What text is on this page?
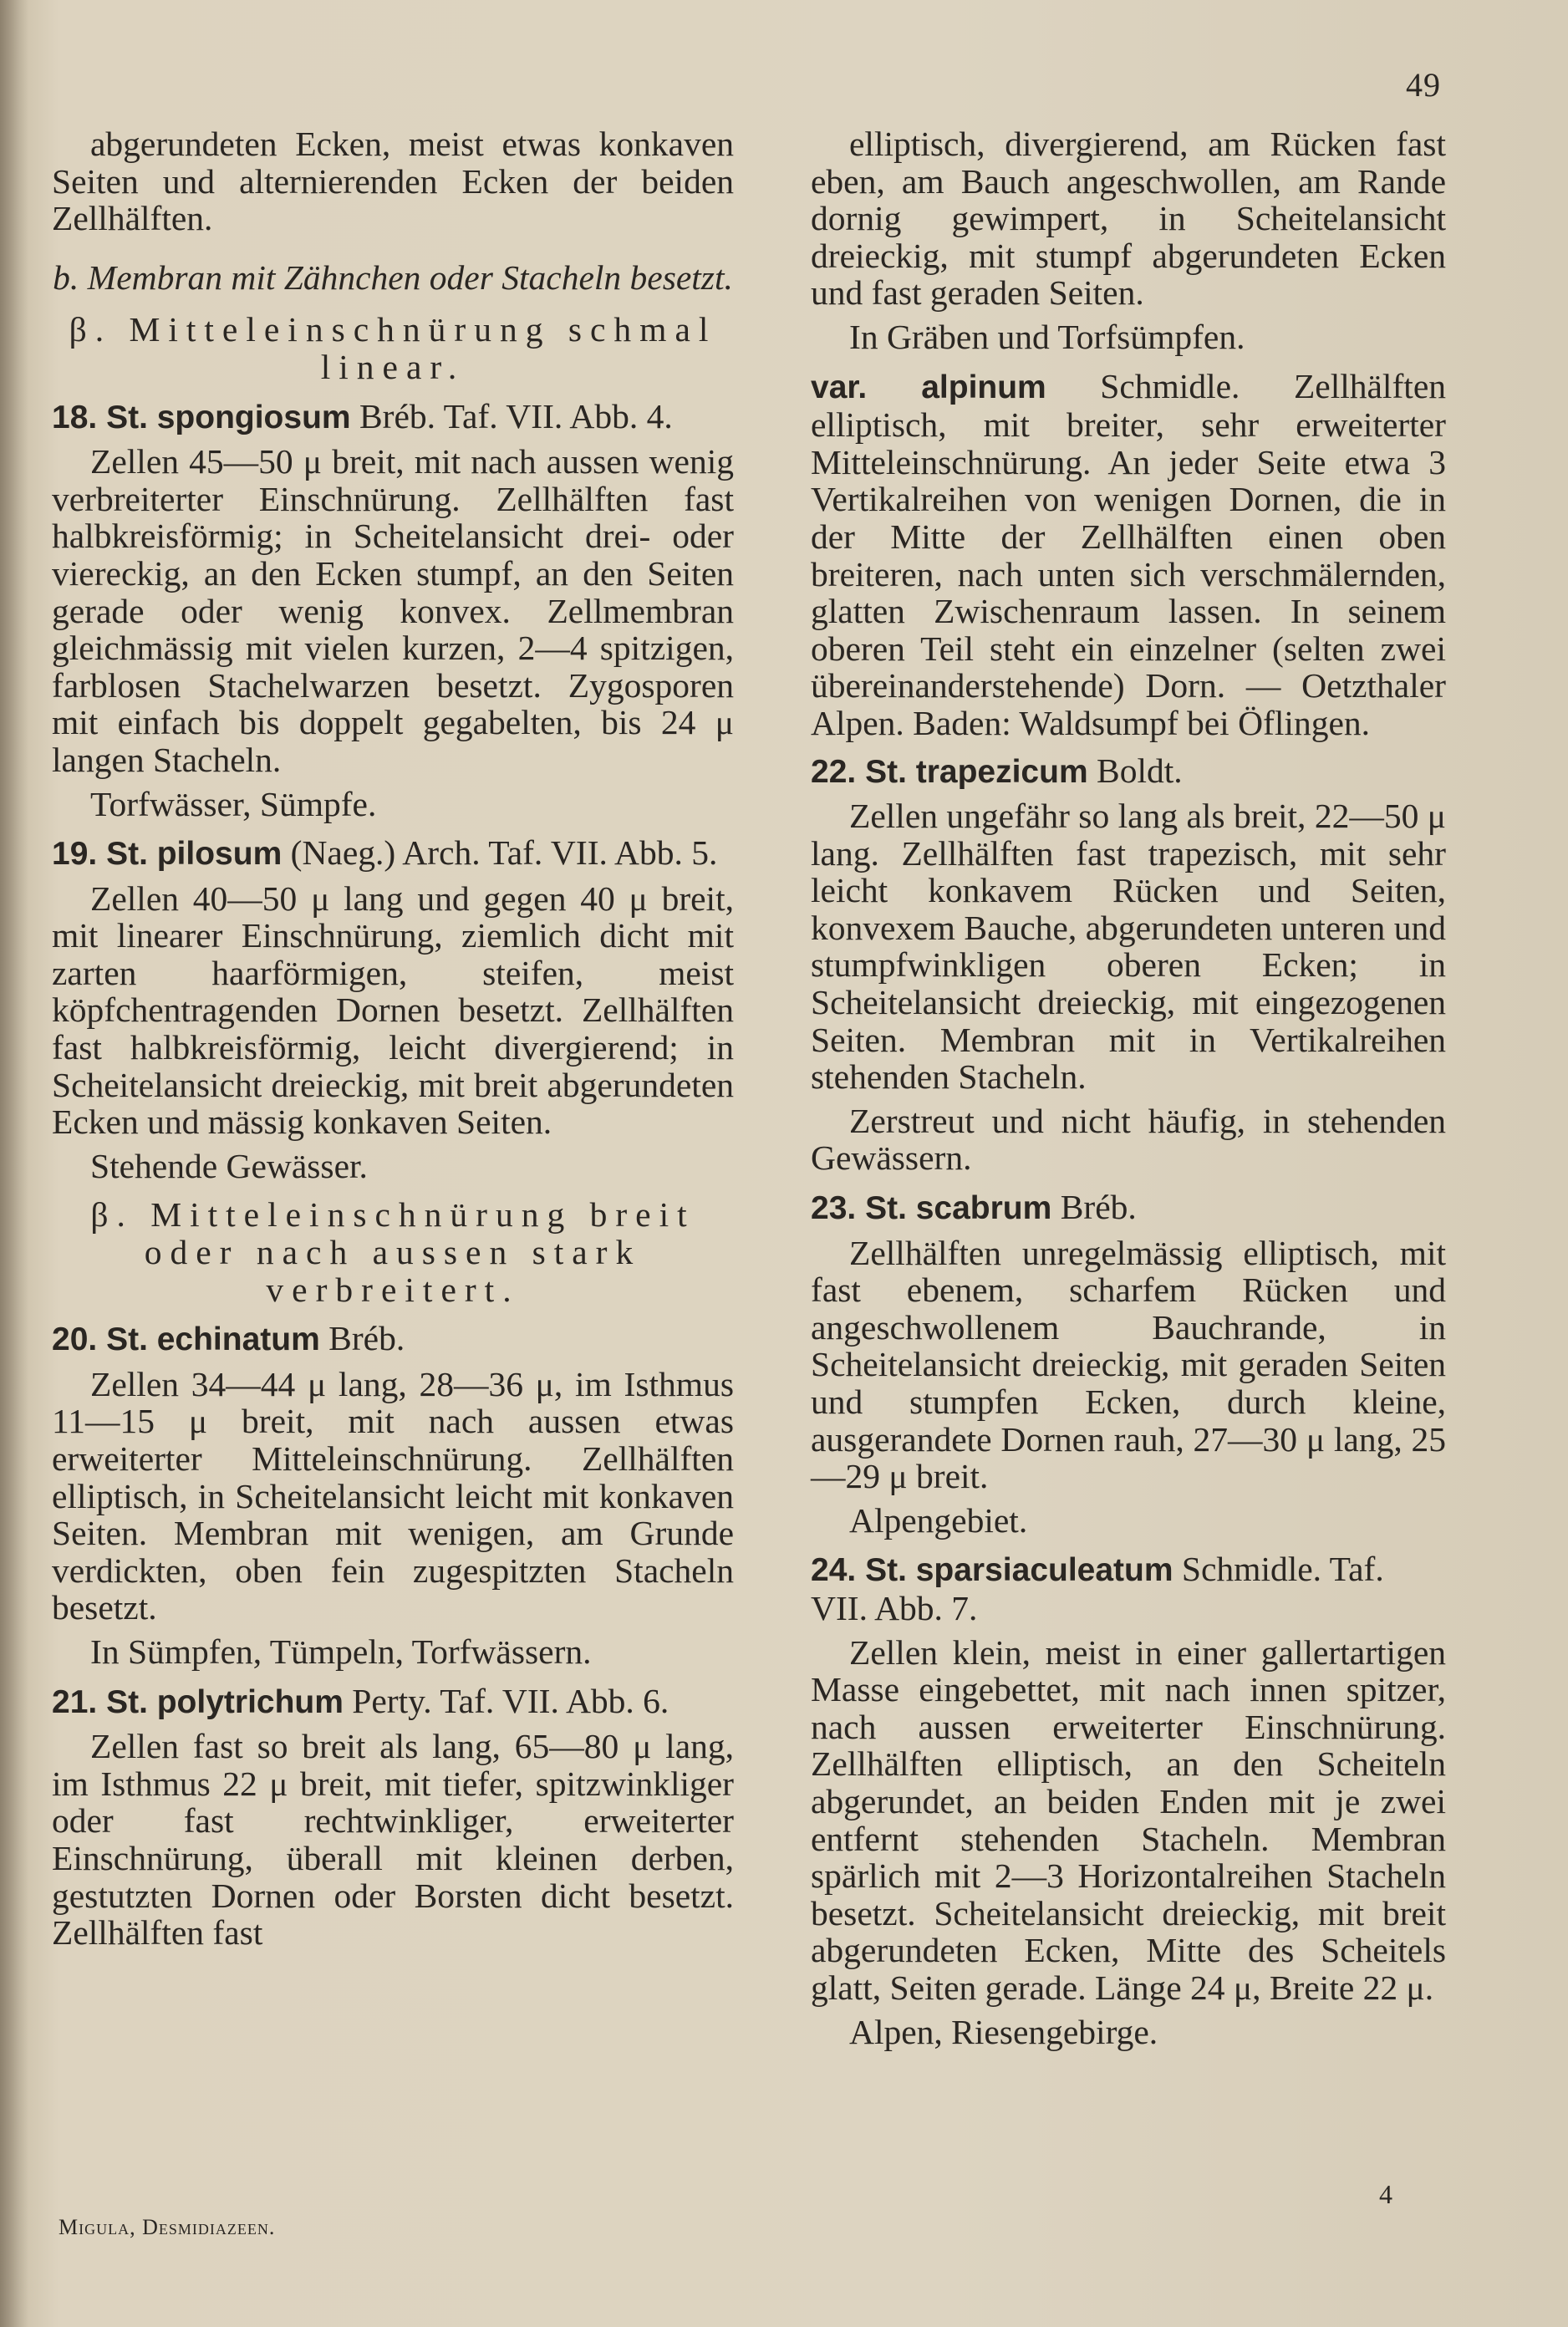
49

abgerundeten Ecken, meist etwas konkaven Seiten und alternierenden Ecken der beiden Zellhälften.

b. Membran mit Zähnchen oder Stacheln besetzt.

β. Mitteleinschnürung schmal linear.

18. St. spongiosum Bréb. Taf. VII. Abb. 4.

Zellen 45—50 μ breit, mit nach aussen wenig verbreiterter Einschnürung. Zellhälften fast halbkreisförmig; in Scheitelansicht drei- oder viereckig, an den Ecken stumpf, an den Seiten gerade oder wenig konvex. Zellmembran gleichmässig mit vielen kurzen, 2—4 spitzigen, farblosen Stachelwarzen besetzt. Zygosporen mit einfach bis doppelt gegabelten, bis 24 μ langen Stacheln.

Torfwässer, Sümpfe.

19. St. pilosum (Naeg.) Arch. Taf. VII. Abb. 5.

Zellen 40—50 μ lang und gegen 40 μ breit, mit linearer Einschnürung, ziemlich dicht mit zarten haarförmigen, steifen, meist köpfchentragenden Dornen besetzt. Zellhälften fast halbkreisförmig, leicht divergierend; in Scheitelansicht dreieckig, mit breit abgerundeten Ecken und mässig konkaven Seiten.

Stehende Gewässer.

β. Mitteleinschnürung breit oder nach aussen stark verbreitert.

20. St. echinatum Bréb.

Zellen 34—44 μ lang, 28—36 μ, im Isthmus 11—15 μ breit, mit nach aussen etwas erweiterter Mitteleinschnürung. Zellhälften elliptisch, in Scheitelansicht leicht mit konkaven Seiten. Membran mit wenigen, am Grunde verdickten, oben fein zugespitzten Stacheln besetzt.

In Sümpfen, Tümpeln, Torfwässern.

21. St. polytrichum Perty. Taf. VII. Abb. 6.

Zellen fast so breit als lang, 65—80 μ lang, im Isthmus 22 μ breit, mit tiefer, spitzwinkliger oder fast rechtwinkliger, erweiterter Einschnürung, überall mit kleinen derben, gestutzten Dornen oder Borsten dicht besetzt. Zellhälften fast

elliptisch, divergierend, am Rücken fast eben, am Bauch angeschwollen, am Rande dornig gewimpert, in Scheitelansicht dreieckig, mit stumpf abgerundeten Ecken und fast geraden Seiten.

In Gräben und Torfsümpfen.

var. alpinum Schmidle. Zellhälften elliptisch, mit breiter, sehr erweiterter Mitteleinschnürung. An jeder Seite etwa 3 Vertikalreihen von wenigen Dornen, die in der Mitte der Zellhälften einen oben breiteren, nach unten sich verschmälernden, glatten Zwischenraum lassen. In seinem oberen Teil steht ein einzelner (selten zwei übereinanderstehende) Dorn. — Oetzthaler Alpen. Baden: Waldsumpf bei Öflingen.

22. St. trapezicum Boldt.

Zellen ungefähr so lang als breit, 22—50 μ lang. Zellhälften fast trapezisch, mit sehr leicht konkavem Rücken und Seiten, konvexem Bauche, abgerundeten unteren und stumpfwinkligen oberen Ecken; in Scheitelansicht dreieckig, mit eingezogenen Seiten. Membran mit in Vertikalreihen stehenden Stacheln.

Zerstreut und nicht häufig, in stehenden Gewässern.

23. St. scabrum Bréb.

Zellhälften unregelmässig elliptisch, mit fast ebenem, scharfem Rücken und angeschwollenem Bauchrande, in Scheitelansicht dreieckig, mit geraden Seiten und stumpfen Ecken, durch kleine, ausgerandete Dornen rauh, 27—30 μ lang, 25—29 μ breit.

Alpengebiet.

24. St. sparsiaculeatum Schmidle. Taf. VII. Abb. 7.

Zellen klein, meist in einer gallertartigen Masse eingebettet, mit nach innen spitzer, nach aussen erweiterter Einschnürung. Zellhälften elliptisch, an den Scheiteln abgerundet, an beiden Enden mit je zwei entfernt stehenden Stacheln. Membran spärlich mit 2—3 Horizontalreihen Stacheln besetzt. Scheitelansicht dreieckig, mit breit abgerundeten Ecken, Mitte des Scheitels glatt, Seiten gerade. Länge 24 μ, Breite 22 μ.

Alpen, Riesengebirge.

Migula, Desmidiazeen.
4
